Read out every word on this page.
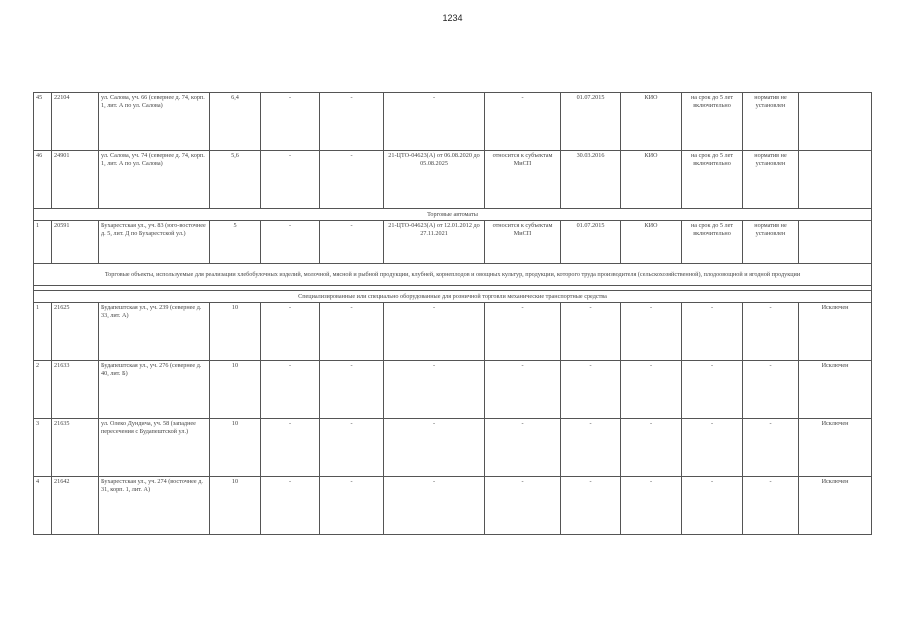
1234
45	22104	ул. Салова, уч. 66 (севернее д. 74, корп. 1, лит. А по ул. Салова)	6,4	-	-	-	-	01.07.2015	КИО	на срок до 5 лет включительно	норматив не установлен	
46	24901	ул. Салова, уч. 74 (севернее д. 74, корп. 1, лит. А по ул. Салова)	5,6	-	-	21-ЦТО-04623(А) от 06.08.2020 до 05.08.2025	относится к субъектам МиСП	30.03.2016	КИО	на срок до 5 лет включительно	норматив не установлен	
Торговые автоматы												
1	20591	Бухарестская ул., уч. 83 (юго-восточнее д. 5, лит. Д по Бухарестской ул.)	5	-	-	21-ЦТО-04623(А) от 12.01.2012 до 27.11.2021	относится к субъектам МиСП	01.07.2015	КИО	на срок до 5 лет включительно	норматив не установлен	
Торговые объекты, используемые для реализации хлебобулочных изделий, молочной, мясной и рыбной продукции, клубней, корнеплодов и овощных культур, продукции, которого труда производителя (сельскохозяйственной), плодоовощной и ягодной продукции												

Специализированные или специально оборудованные для розничной торговли механические транспортные средства												
1	21625	Будапештская ул., уч. 239 (севернее д. 33, лит. А)	10	-	-	-	-	-	-	-	-	Исключен
2	21633	Будапештская ул., уч. 276 (севернее д. 40, лит. Б)	10	-	-	-	-	-	-	-	-	Исключен
3	21635	ул. Олеко Дундича, уч. 58 (западнее пересечения с Будапештской ул.)	10	-	-	-	-	-	-	-	-	Исключен
4	21642	Бухарестская ул., уч. 274 (восточнее д. 31, корп. 1, лит. А)	10	-	-	-	-	-	-	-	-	Исключен
